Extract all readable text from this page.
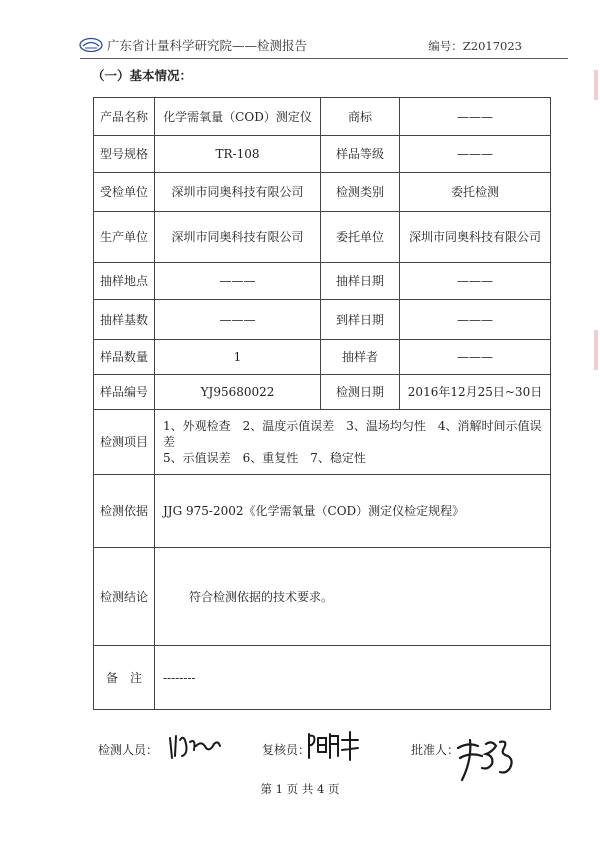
广东省计量科学研究院——检测报告	编号：Z2017023
（一）基本情况：
产品名称	化学需氧量（COD）测定仪	商标	———
型号规格	TR-108	样品等级	———
受检单位	深圳市同奥科技有限公司	检测类别	委托检测
生产单位	深圳市同奥科技有限公司	委托单位	深圳市同奥科技有限公司
抽样地点	———	抽样日期	———
抽样基数	———	到样日期	———
样品数量	1	抽样者	———
样品编号	YJ95680022	检测日期	2016年12月25日~30日
检测项目	1、外观检查　2、温度示值误差　3、温场均匀性　4、消解时间示值误差
5、示值误差　6、重复性　7、稳定性		

检测依据	JJG 975-2002《化学需氧量（COD）测定仪检定规程》		
检测结论	符合检测依据的技术要求。		
备　注	--------		
检测人员：	复核员：	批准人：
第 1 页 共 4 页
